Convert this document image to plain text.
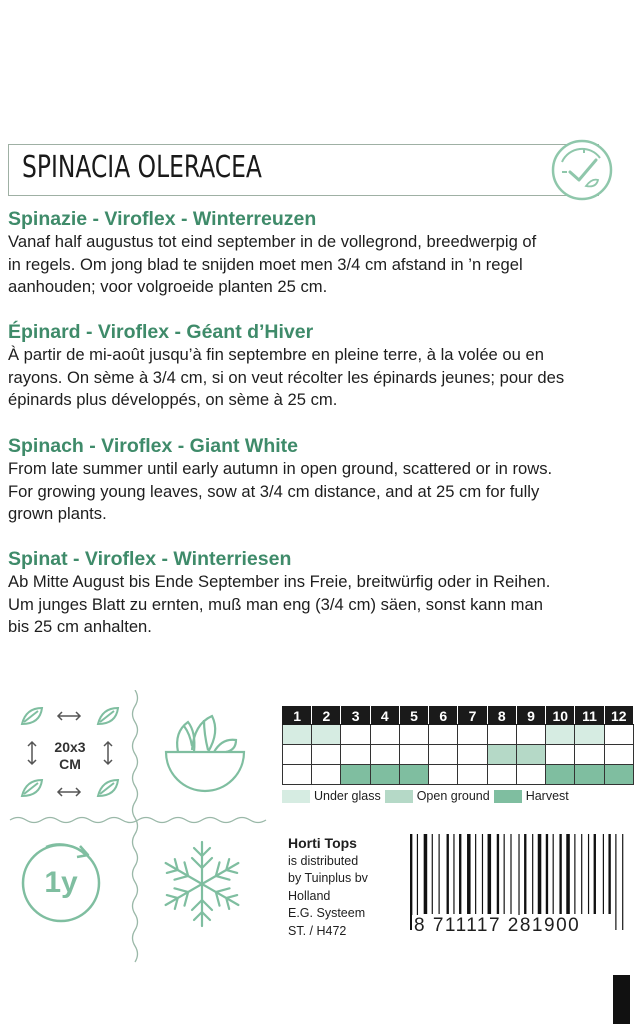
SPINACIA OLERACEA

Spinazie - Viroflex - Winterreuzen

Vanaf half augustus tot eind september in de vollegrond, breedwerpig of

in regels. Om jong blad te snijden moet men 3/4 cm afstand in ’n regel

aanhouden; voor volgroeide planten 25 cm.

Épinard - Viroflex - Géant d’Hiver

À partir de mi-août jusqu’à fin septembre en pleine terre, à la volée ou en

rayons. On sème à 3/4 cm, si on veut récolter les épinards jeunes; pour des

épinards plus développés, on sème à 25 cm.

Spinach - Viroflex - Giant White

From late summer until early autumn in open ground, scattered or in rows.

For growing young leaves, sow at 3/4 cm distance, and at 25 cm for fully

grown plants.

Spinat - Viroflex - Winterriesen

Ab Mitte August bis Ende September ins Freie, breitwürfig oder in Reihen.

Um junges Blatt zu ernten, muß man eng (3/4 cm) säen, sonst kann man

bis 25 cm anhalten.

20x3
CM
1y
1	2	3	4	5	6	7	8	9	10	11	12

Under glass	Open ground	Harvest
Horti Tops
is distributed
by Tuinplus bv
Holland
E.G. Systeem
ST. / H472	8 711117 281900
